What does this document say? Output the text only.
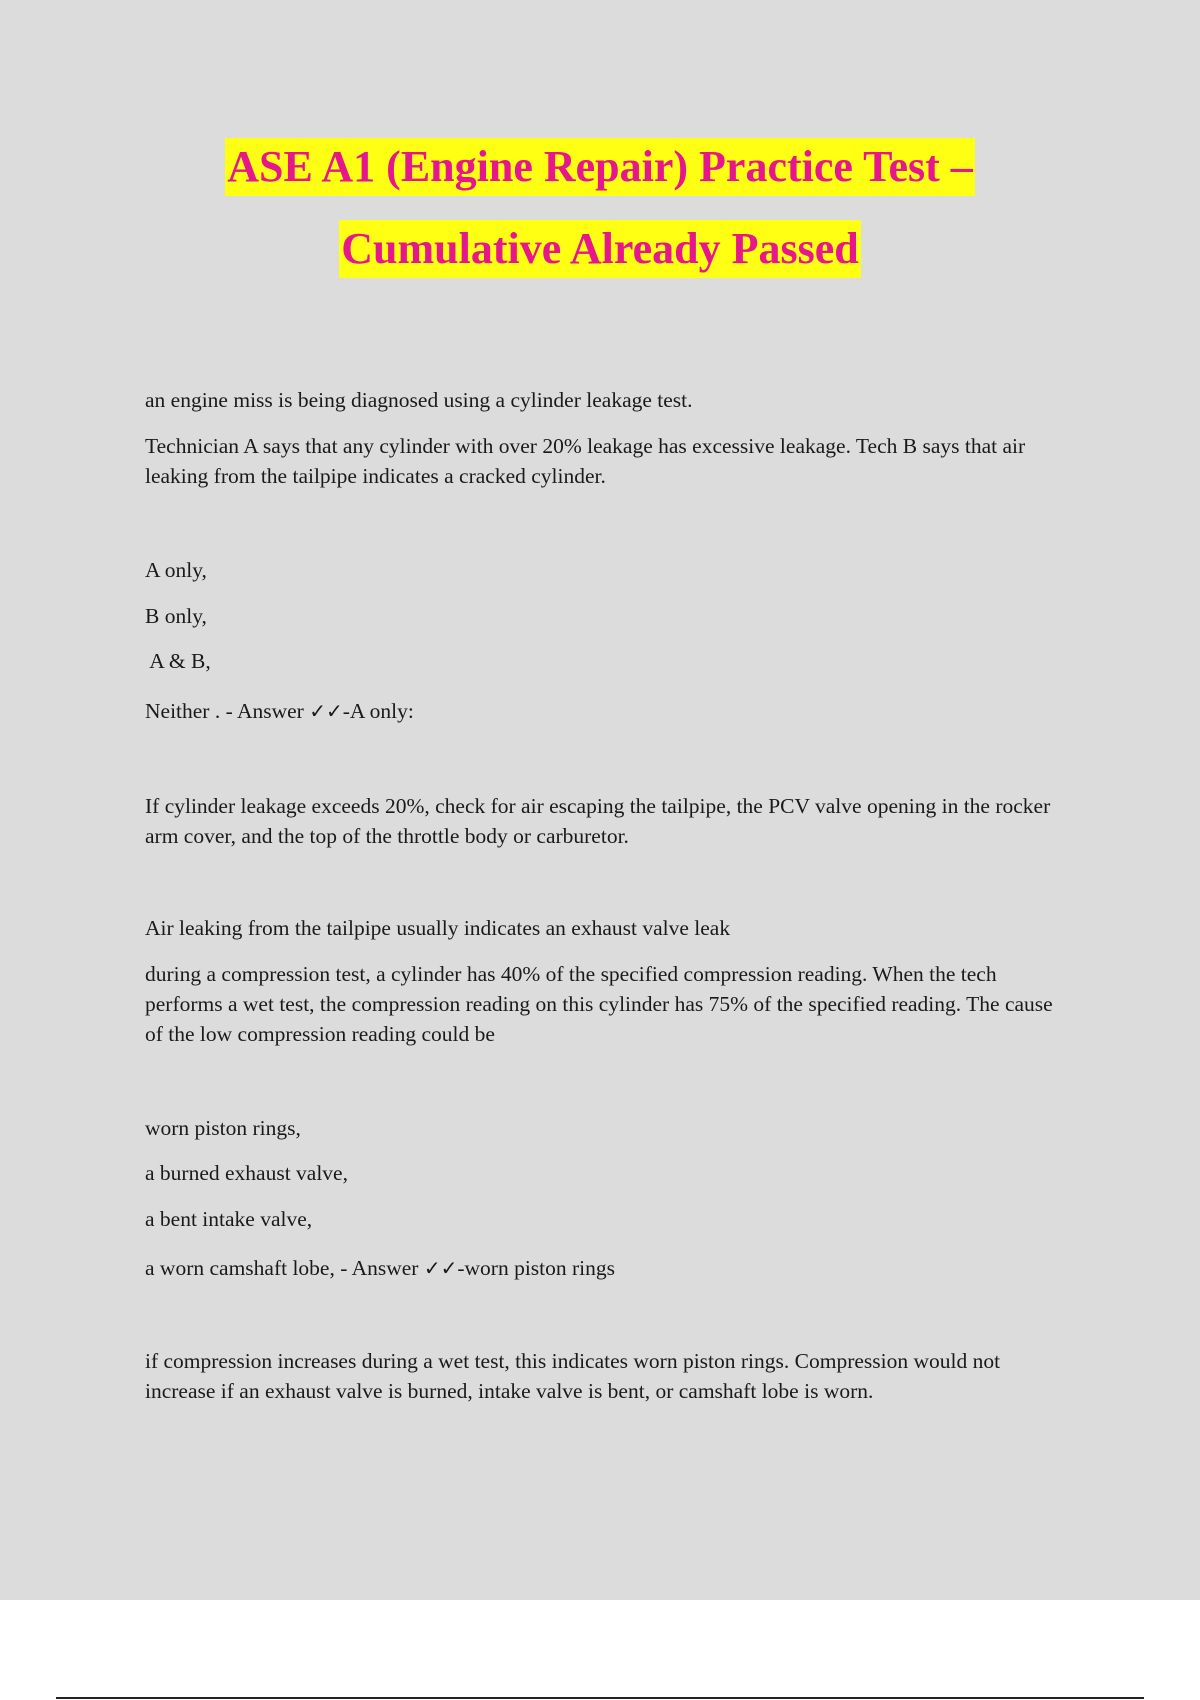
ASE A1 (Engine Repair) Practice Test –
Cumulative Already Passed

an engine miss is being diagnosed using a cylinder leakage test.

Technician A says that any cylinder with over 20% leakage has excessive leakage. Tech B says that air leaking from the tailpipe indicates a cracked cylinder.

A only,

B only,

A & B,

Neither . - Answer ✓✓-A only:

If cylinder leakage exceeds 20%, check for air escaping the tailpipe, the PCV valve opening in the rocker arm cover, and the top of the throttle body or carburetor.

Air leaking from the tailpipe usually indicates an exhaust valve leak

during a compression test, a cylinder has 40% of the specified compression reading. When the tech performs a wet test, the compression reading on this cylinder has 75% of the specified reading. The cause of the low compression reading could be

worn piston rings,

a burned exhaust valve,

a bent intake valve,

a worn camshaft lobe, - Answer ✓✓-worn piston rings

if compression increases during a wet test, this indicates worn piston rings. Compression would not increase if an exhaust valve is burned, intake valve is bent, or camshaft lobe is worn.
